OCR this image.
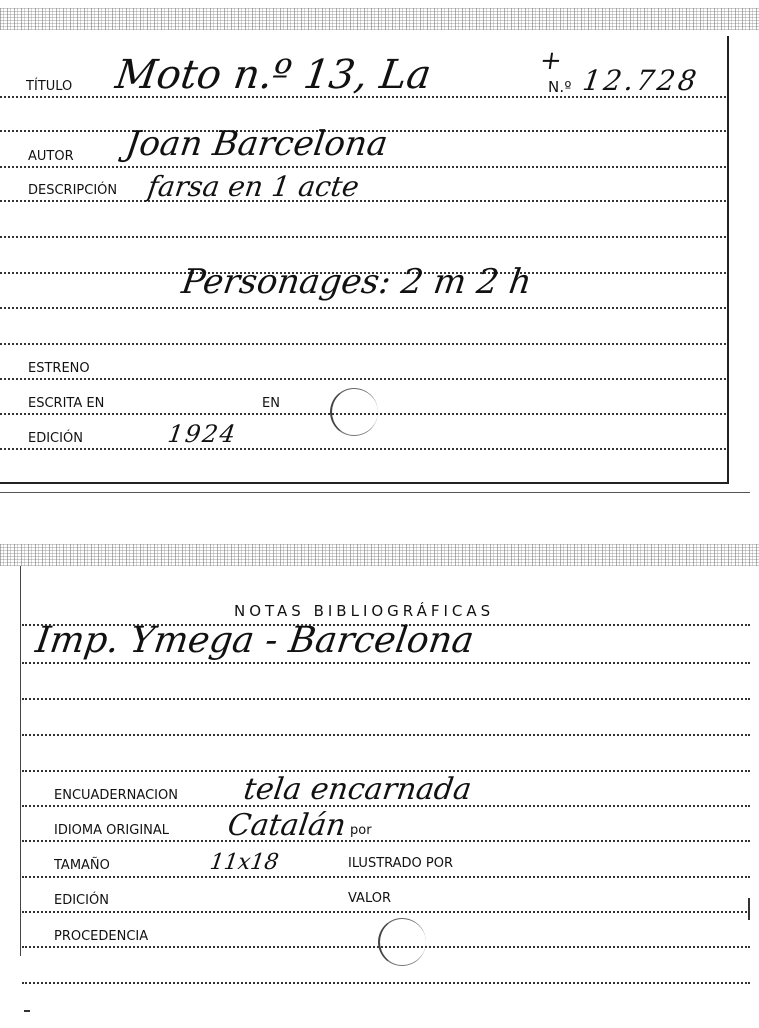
TÍTULO Moto n.º 13, La	+
N.º 12.728
AUTOR Joan Barcelona
DESCRIPCIÓN farsa en 1 acte
Personages: 2 m 2 h
ESTRENO
ESCRITA EN	EN
EDICIÓN	1924
NOTAS BIBLIOGRÁFICAS
Imp. Ymega - Barcelona
ENCUADERNACION tela encarnada
IDIOMA ORIGINAL Catalán por
TAMAÑO	11x18	ILUSTRADO POR
EDICIÓN	VALOR
PROCEDENCIA
